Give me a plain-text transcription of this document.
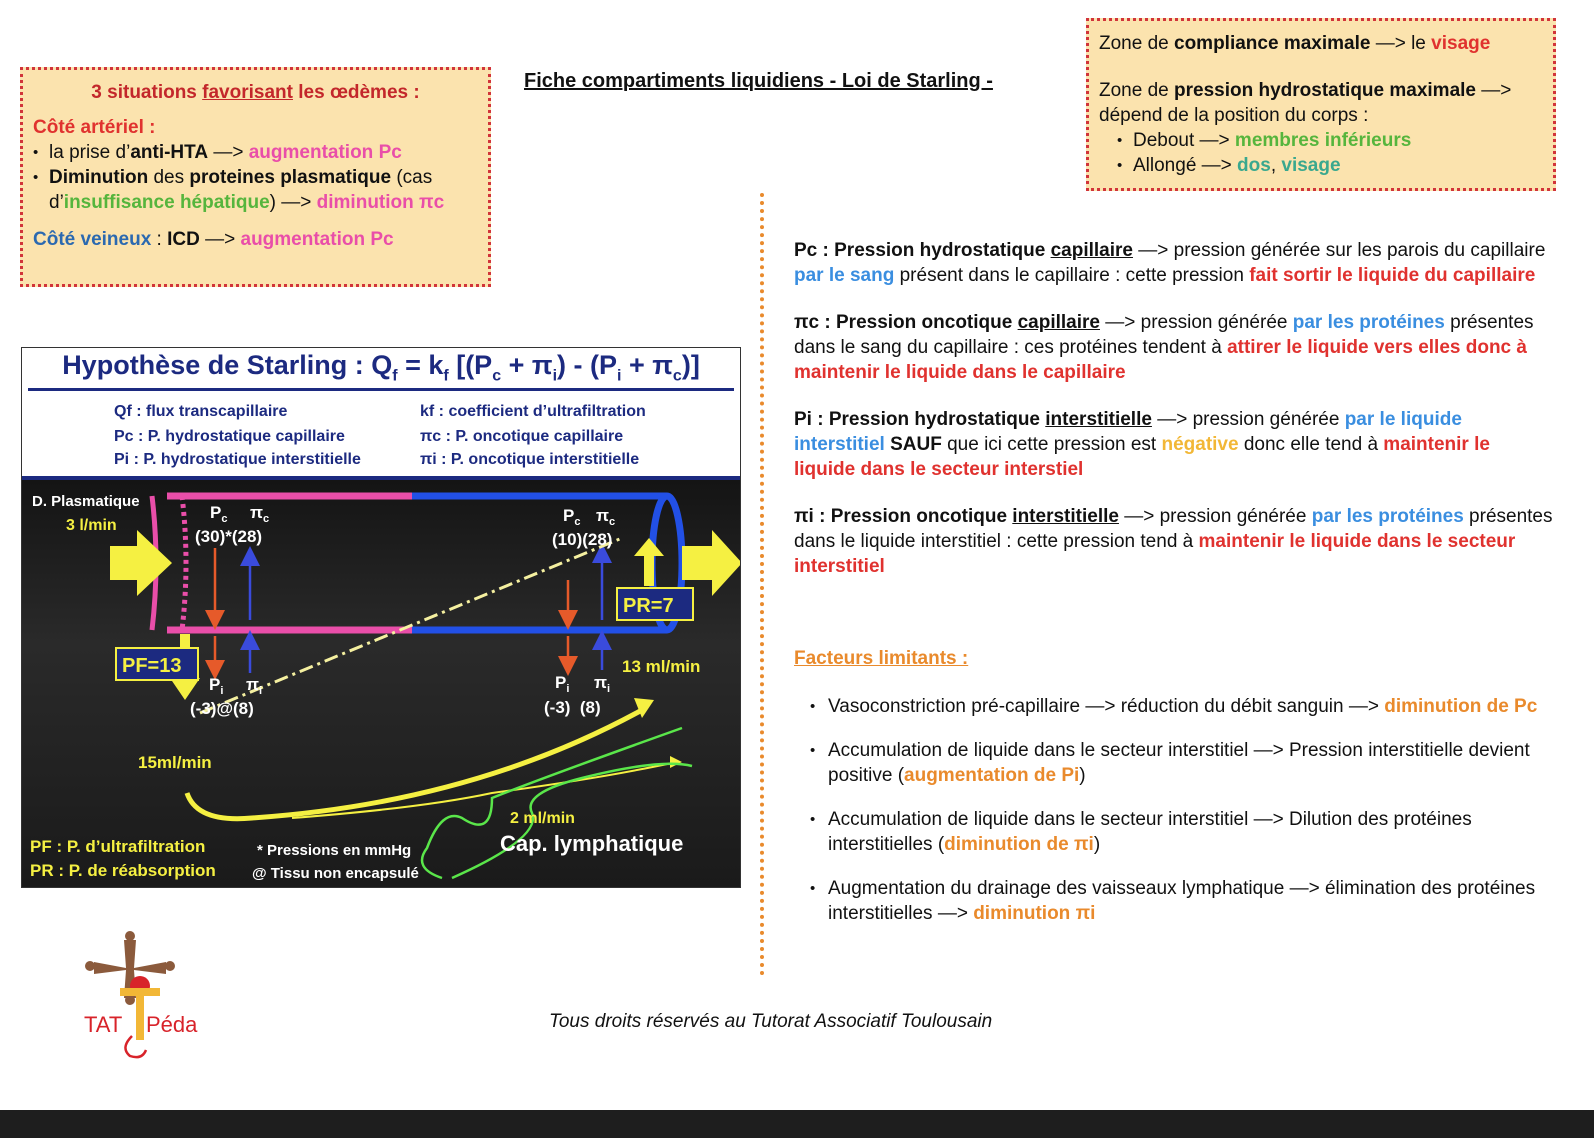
3 situations favorisant les œdèmes :
Côté artériel :
• la prise d’anti-HTA —> augmentation Pc
• Diminution des proteines plasmatique (cas d’insuffisance hépatique) —> diminution πc
Côté veineux : ICD —> augmentation Pc
Fiche compartiments liquidiens - Loi de Starling -
Zone de compliance maximale —> le visage
Zone de pression hydrostatique maximale —> dépend de la position du corps :
• Debout —> membres inférieurs
• Allongé —> dos, visage

Pc : Pression hydrostatique capillaire —> pression générée sur les parois du capillaire par le sang présent dans le capillaire : cette pression fait sortir le liquide du capillaire

πc : Pression oncotique capillaire —> pression générée par les protéines présentes dans le sang du capillaire : ces protéines tendent à attirer le liquide vers elles donc à maintenir le liquide dans le capillaire

Pi : Pression hydrostatique interstitielle —> pression générée par le liquide interstitiel SAUF que ici cette pression est négative donc elle tend à maintenir le liquide dans le secteur interstiel

πi : Pression oncotique interstitielle —> pression générée par les protéines présentes dans le liquide interstitiel : cette pression tend à maintenir le liquide dans le secteur interstitiel

Facteurs limitants :
• Vasoconstriction pré-capillaire —> réduction du débit sanguin —> diminution de Pc
• Accumulation de liquide dans le secteur interstitiel —> Pression interstitielle devient positive (augmentation de Pi)
• Accumulation de liquide dans le secteur interstitiel —> Dilution des protéines interstitielles (diminution de πi)
• Augmentation du drainage des vaisseaux lymphatique —> élimination des protéines interstitielles —> diminution πi
Hypothèse de Starling : $Q_f = k_f$ $[(P_c + \pi_i) - (P_i + \pi_c)]$
Qf : flux transcapillaire
Pc : P. hydrostatique capillaire
Pi : P. hydrostatique interstitielle
kf : coefficient d’ultrafiltration
πc : P. oncotique capillaire
πi : P. oncotique interstitielle
D. Plasmatique
3 l/min
PF=13
PR=7
$P_c$ $\pi_c$
(30)*(28)
$P_c$ $\pi_c$
(10)(28)
$P_i$ $\pi_i$
(-3)@(8)
$P_i$ $\pi_i$
(-3)  (8)
13 ml/min
15ml/min
2 ml/min
Cap. lymphatique
PF : P. d’ultrafiltration
PR : P. de réabsorption
* Pressions en mmHg
@ Tissu non encapsulé
TAT Péda	Tous droits réservés au Tutorat Associatif Toulousain
